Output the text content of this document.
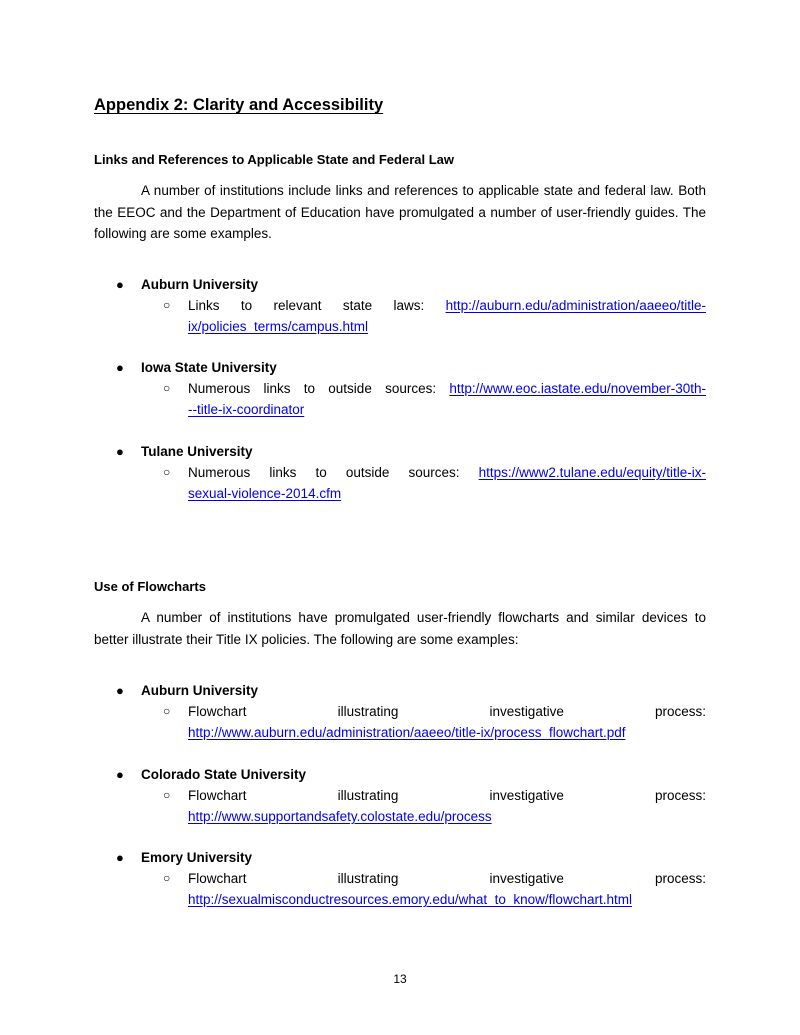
Appendix 2: Clarity and Accessibility
Links and References to Applicable State and Federal Law
A number of institutions include links and references to applicable state and federal law. Both the EEOC and the Department of Education have promulgated a number of user-friendly guides. The following are some examples.
● Auburn University
○ Links to relevant state laws: http://auburn.edu/administration/aaeeo/title-
ix/policies_terms/campus.html
● Iowa State University
○ Numerous links to outside sources: http://www.eoc.iastate.edu/november-30th-
--title-ix-coordinator
● Tulane University
○ Numerous links to outside sources: https://www2.tulane.edu/equity/title-ix-
sexual-violence-2014.cfm
Use of Flowcharts
A number of institutions have promulgated user-friendly flowcharts and similar devices to better illustrate their Title IX policies. The following are some examples:
● Auburn University
○ Flowchart	illustrating	investigative	process:
http://www.auburn.edu/administration/aaeeo/title-ix/process_flowchart.pdf
● Colorado State University
○ Flowchart	illustrating	investigative	process:
http://www.supportandsafety.colostate.edu/process
● Emory University
○ Flowchart	illustrating	investigative	process:
http://sexualmisconductresources.emory.edu/what_to_know/flowchart.html
13
